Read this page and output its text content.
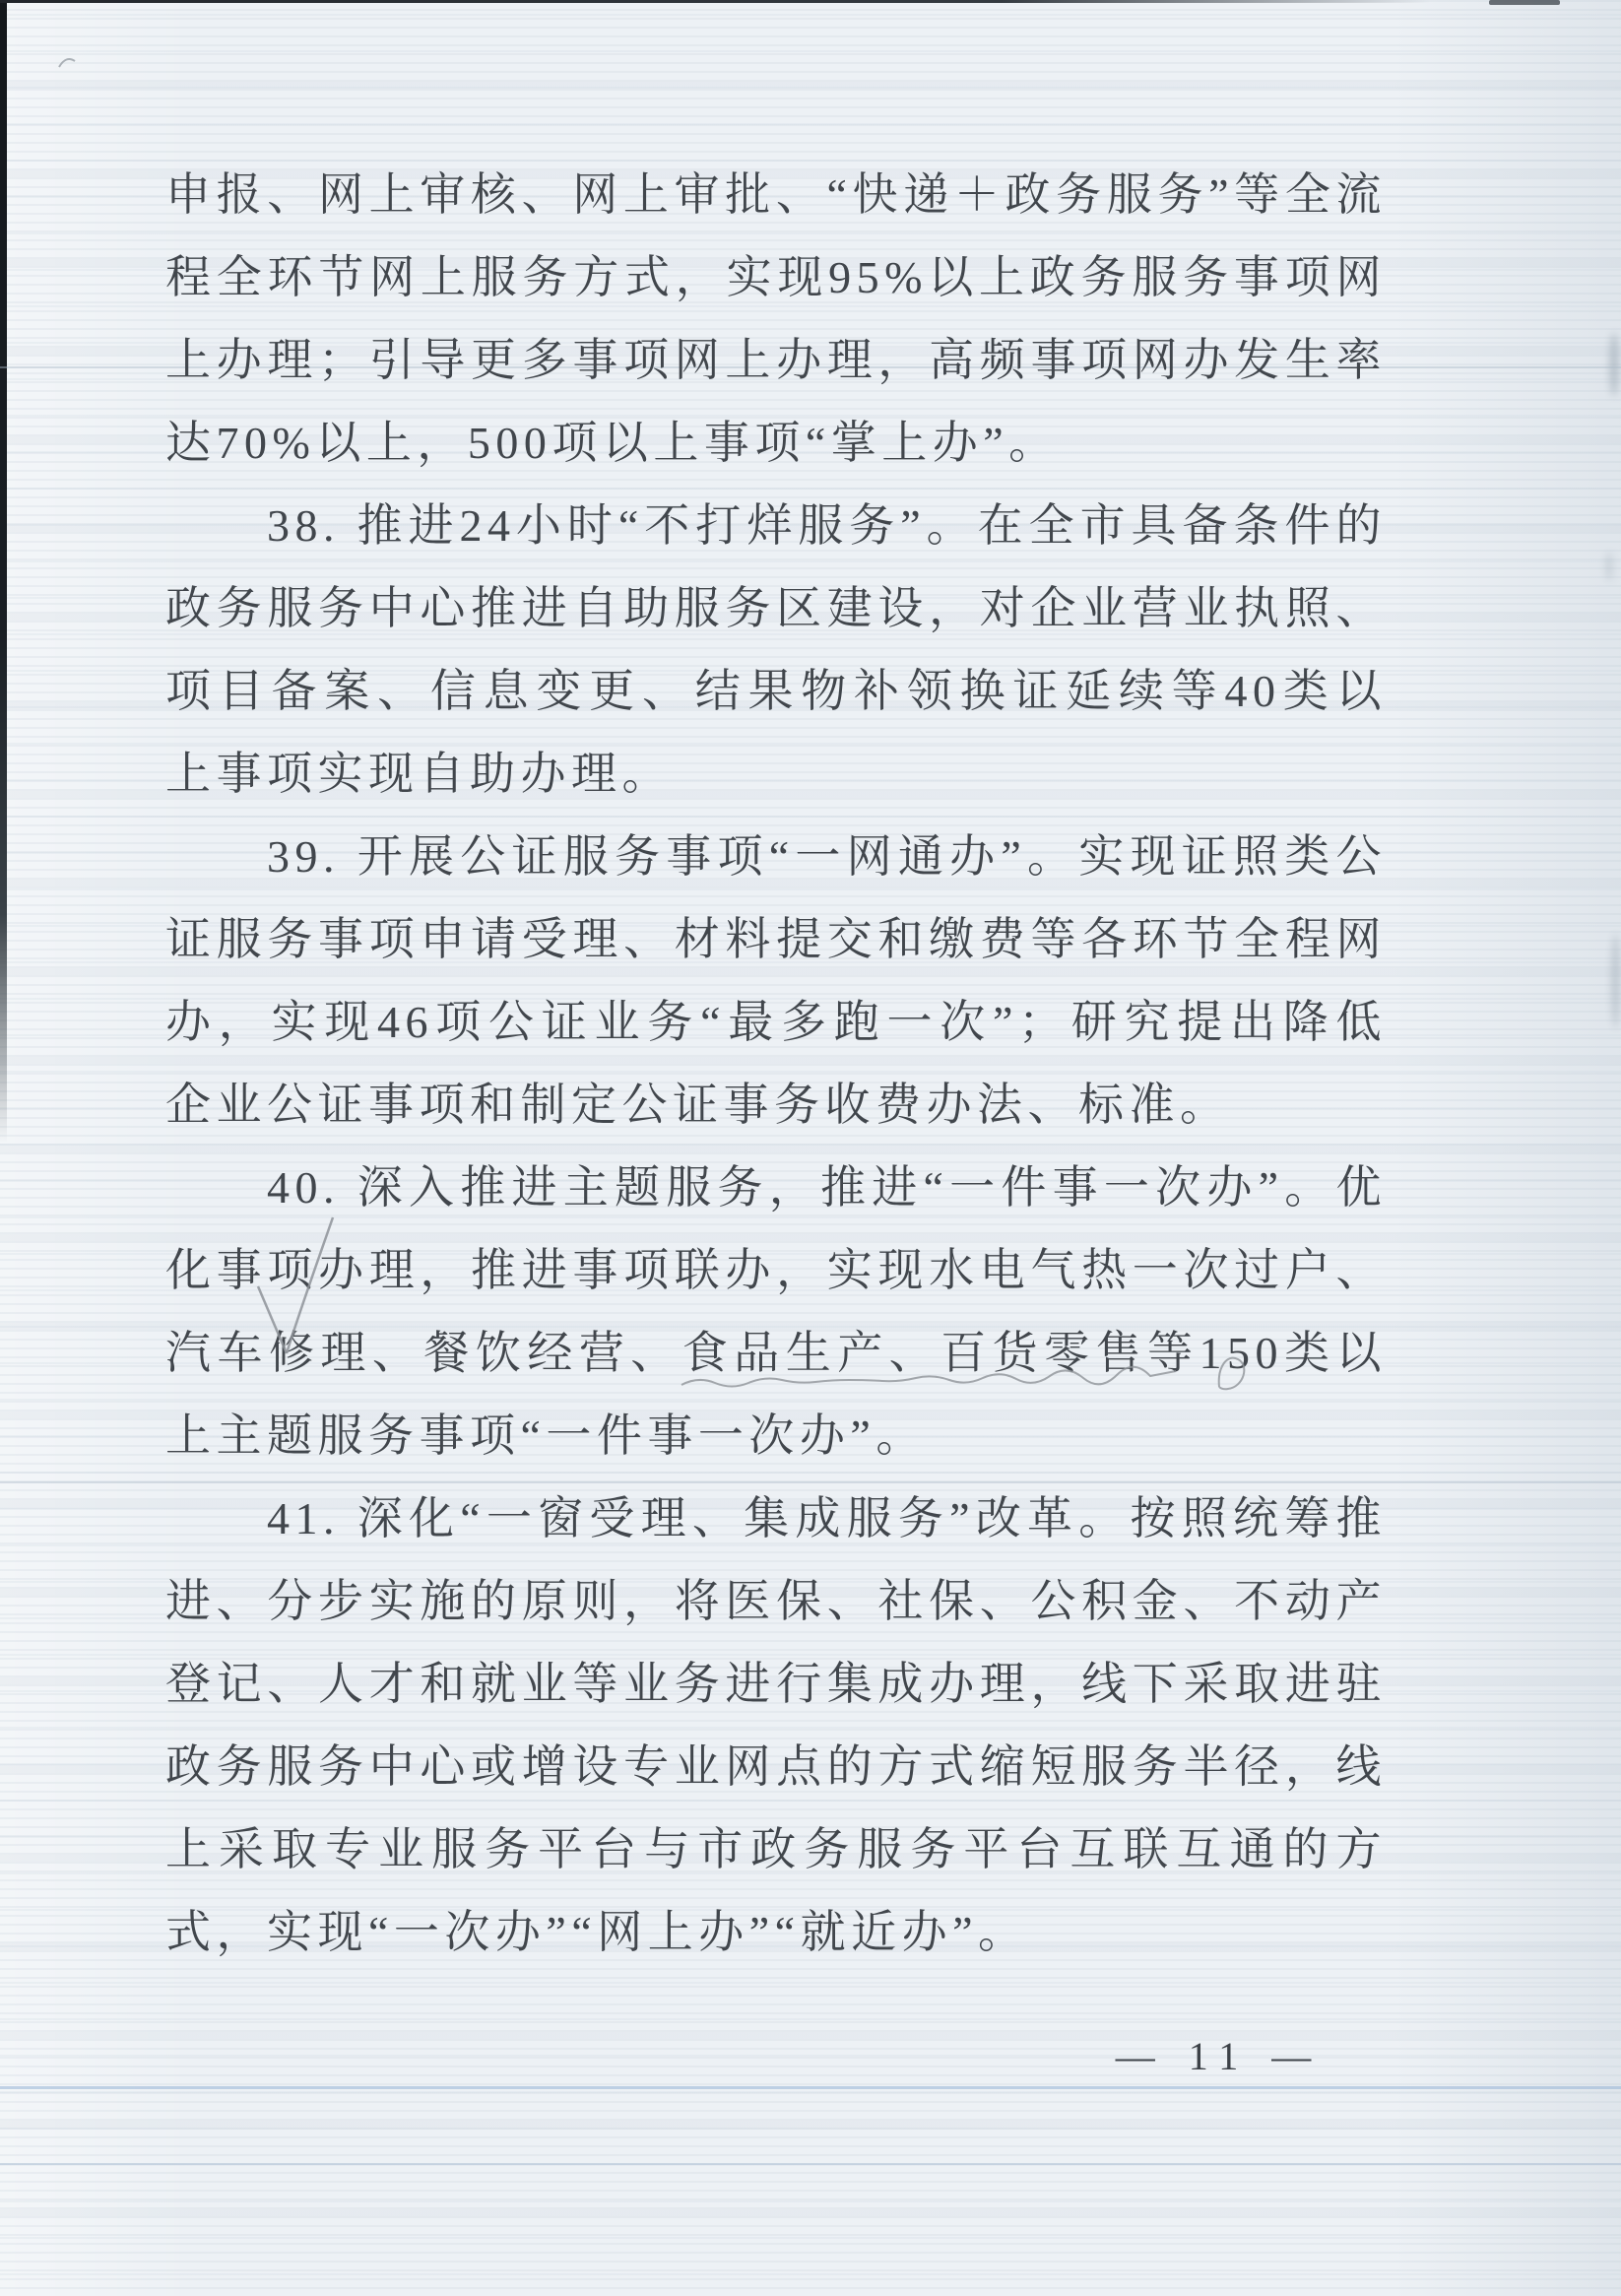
申报、网上审核、网上审批、“快递＋政务服务”等全流程全环节网上服务方式，实现95%以上政务服务事项网上办理；引导更多事项网上办理，高频事项网办发生率达70%以上，500项以上事项“掌上办”。

38. 推进24小时“不打烊服务”。在全市具备条件的政务服务中心推进自助服务区建设，对企业营业执照、项目备案、信息变更、结果物补领换证延续等40类以上事项实现自助办理。

39. 开展公证服务事项“一网通办”。实现证照类公证服务事项申请受理、材料提交和缴费等各环节全程网办，实现46项公证业务“最多跑一次”；研究提出降低企业公证事项和制定公证事务收费办法、标准。

40. 深入推进主题服务，推进“一件事一次办”。优化事项办理，推进事项联办，实现水电气热一次过户、汽车修理、餐饮经营、食品生产、百货零售等150类以上主题服务事项“一件事一次办”。

41. 深化“一窗受理、集成服务”改革。按照统筹推进、分步实施的原则，将医保、社保、公积金、不动产登记、人才和就业等业务进行集成办理，线下采取进驻政务服务中心或增设专业网点的方式缩短服务半径，线上采取专业服务平台与市政务服务平台互联互通的方式，实现“一次办”“网上办”“就近办”。

— 11 —
